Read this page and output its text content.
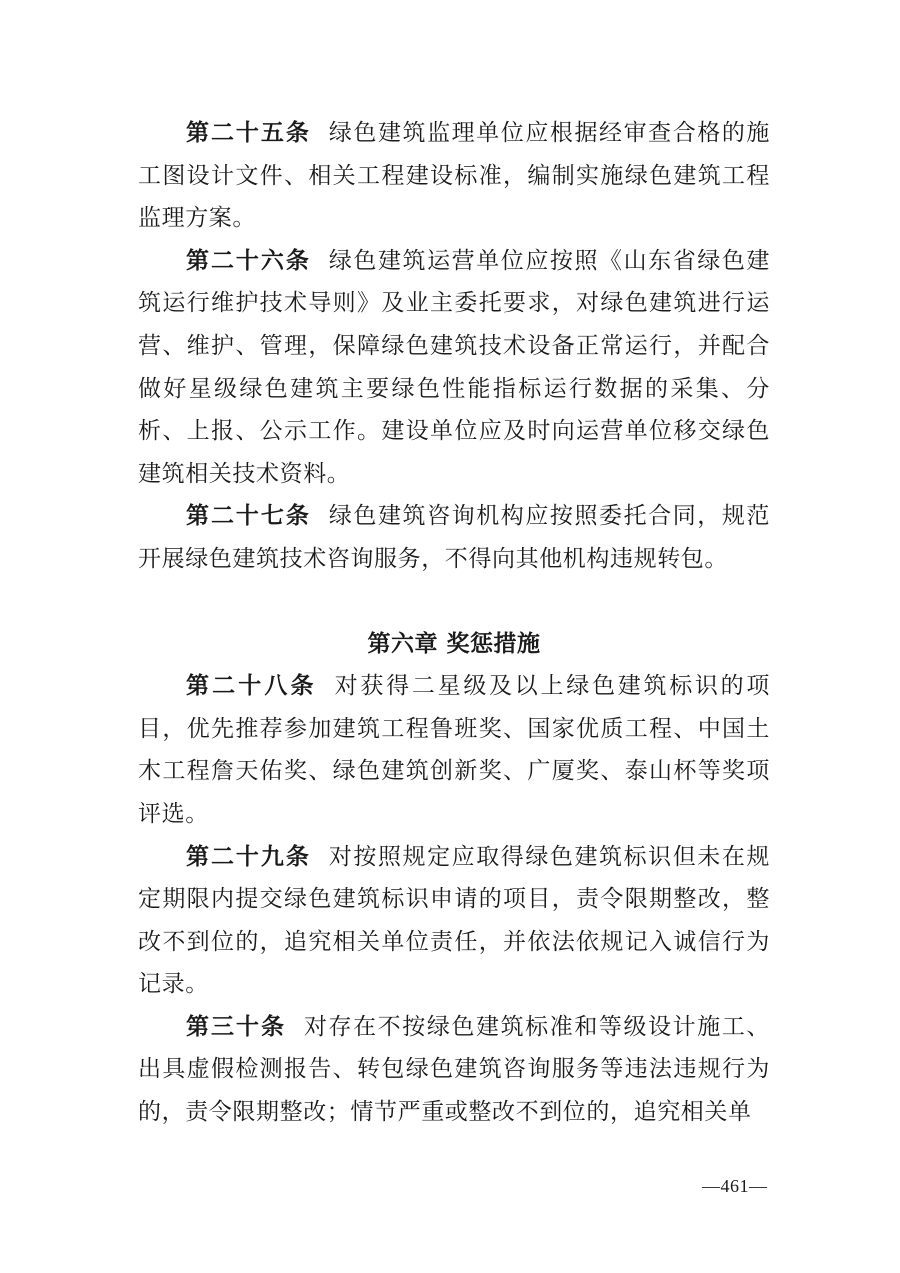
第二十五条 绿色建筑监理单位应根据经审查合格的施工图设计文件、相关工程建设标准，编制实施绿色建筑工程监理方案。

第二十六条 绿色建筑运营单位应按照《山东省绿色建筑运行维护技术导则》及业主委托要求，对绿色建筑进行运营、维护、管理，保障绿色建筑技术设备正常运行，并配合做好星级绿色建筑主要绿色性能指标运行数据的采集、分析、上报、公示工作。建设单位应及时向运营单位移交绿色建筑相关技术资料。

第二十七条 绿色建筑咨询机构应按照委托合同，规范开展绿色建筑技术咨询服务，不得向其他机构违规转包。

第六章 奖惩措施

第二十八条 对获得二星级及以上绿色建筑标识的项目，优先推荐参加建筑工程鲁班奖、国家优质工程、中国土木工程詹天佑奖、绿色建筑创新奖、广厦奖、泰山杯等奖项评选。

第二十九条 对按照规定应取得绿色建筑标识但未在规定期限内提交绿色建筑标识申请的项目，责令限期整改，整改不到位的，追究相关单位责任，并依法依规记入诚信行为记录。

第三十条 对存在不按绿色建筑标准和等级设计施工、出具虚假检测报告、转包绿色建筑咨询服务等违法违规行为的，责令限期整改；情节严重或整改不到位的，追究相关单

—461—
